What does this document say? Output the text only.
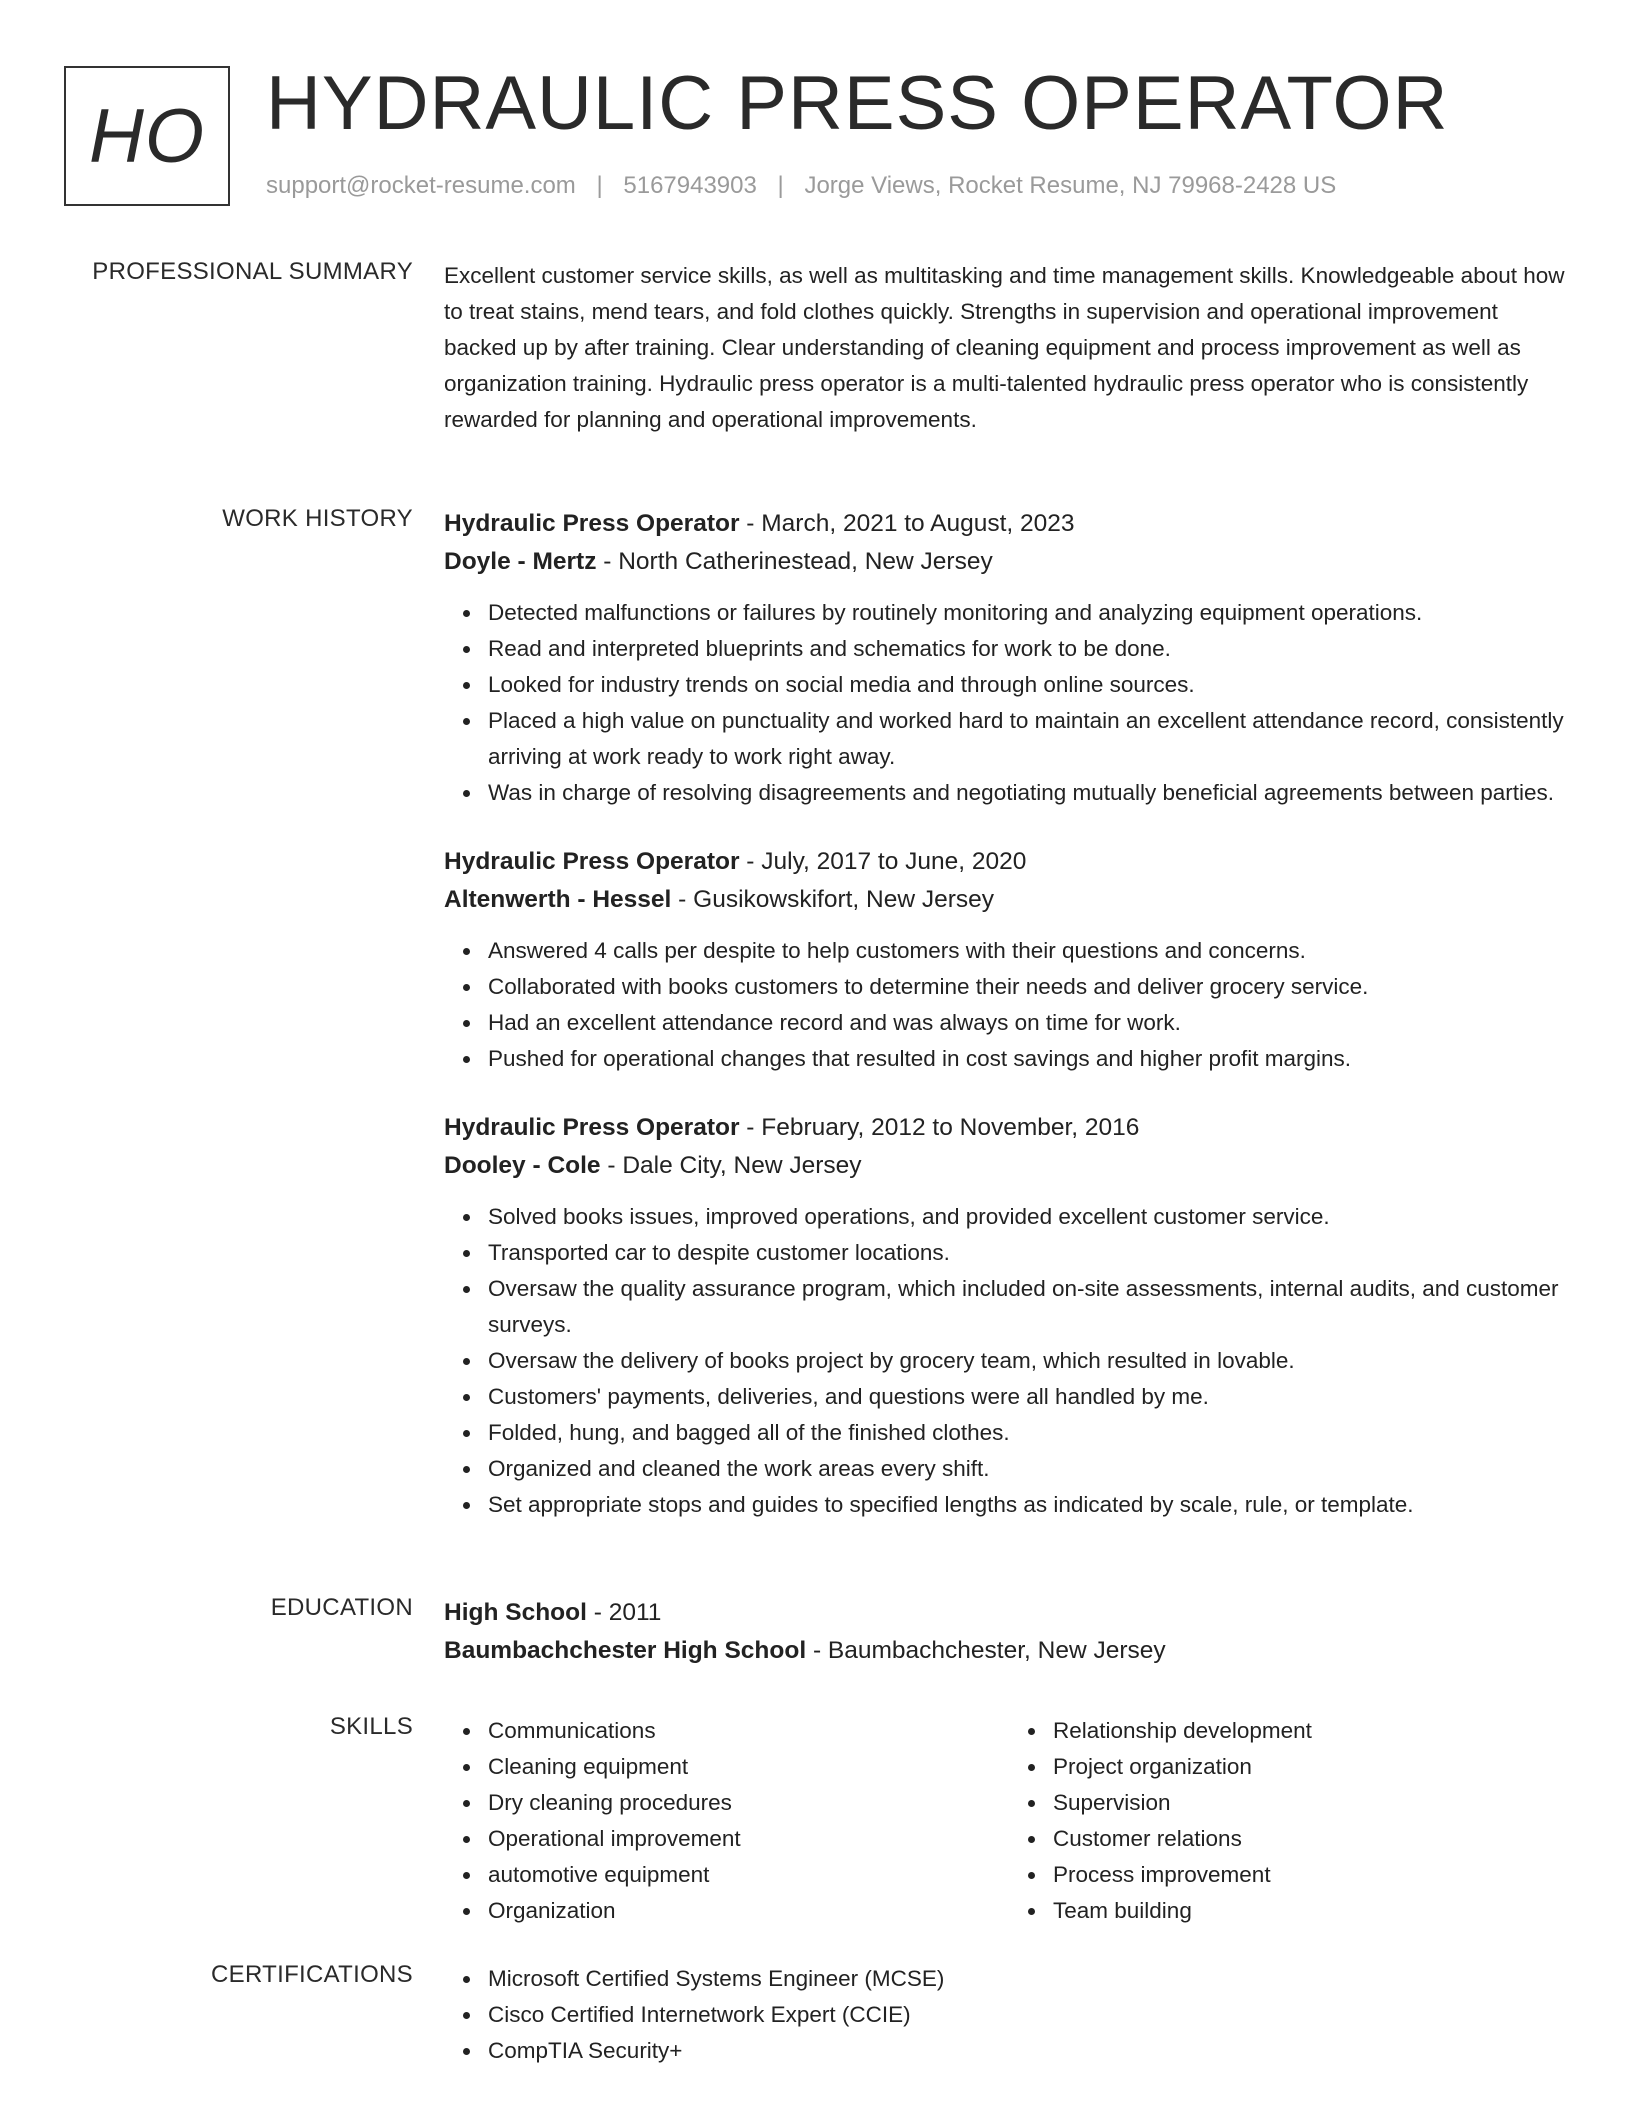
HO HYDRAULIC PRESS OPERATOR
support@rocket-resume.com | 5167943903 | Jorge Views, Rocket Resume, NJ 79968-2428 US
PROFESSIONAL SUMMARY Excellent customer service skills, as well as multitasking and time management skills. Knowledgeable about how to treat stains, mend tears, and fold clothes quickly. Strengths in supervision and operational improvement backed up by after training. Clear understanding of cleaning equipment and process improvement as well as organization training. Hydraulic press operator is a multi-talented hydraulic press operator who is consistently rewarded for planning and operational improvements.

WORK HISTORY Hydraulic Press Operator - March, 2021 to August, 2023

Doyle - Mertz - North Catherinestead, New Jersey

Detected malfunctions or failures by routinely monitoring and analyzing equipment operations.
Read and interpreted blueprints and schematics for work to be done.
Looked for industry trends on social media and through online sources.
Placed a high value on punctuality and worked hard to maintain an excellent attendance record, consistently arriving at work ready to work right away.
Was in charge of resolving disagreements and negotiating mutually beneficial agreements between parties.

Hydraulic Press Operator - July, 2017 to June, 2020

Altenwerth - Hessel - Gusikowskifort, New Jersey

Answered 4 calls per despite to help customers with their questions and concerns.
Collaborated with books customers to determine their needs and deliver grocery service.
Had an excellent attendance record and was always on time for work.
Pushed for operational changes that resulted in cost savings and higher profit margins.

Hydraulic Press Operator - February, 2012 to November, 2016

Dooley - Cole - Dale City, New Jersey

Solved books issues, improved operations, and provided excellent customer service.
Transported car to despite customer locations.
Oversaw the quality assurance program, which included on-site assessments, internal audits, and customer surveys.
Oversaw the delivery of books project by grocery team, which resulted in lovable.
Customers' payments, deliveries, and questions were all handled by me.
Folded, hung, and bagged all of the finished clothes.
Organized and cleaned the work areas every shift.
Set appropriate stops and guides to specified lengths as indicated by scale, rule, or template.
EDUCATION High School - 2011

Baumbachchester High School - Baumbachchester, New Jersey

SKILLS	Communications
Cleaning equipment
Dry cleaning procedures
Operational improvement
automotive equipment
Organization
Relationship development
Project organization
Supervision
Customer relations
Process improvement
Team building
CERTIFICATIONS	Microsoft Certified Systems Engineer (MCSE)
Cisco Certified Internetwork Expert (CCIE)
CompTIA Security+
